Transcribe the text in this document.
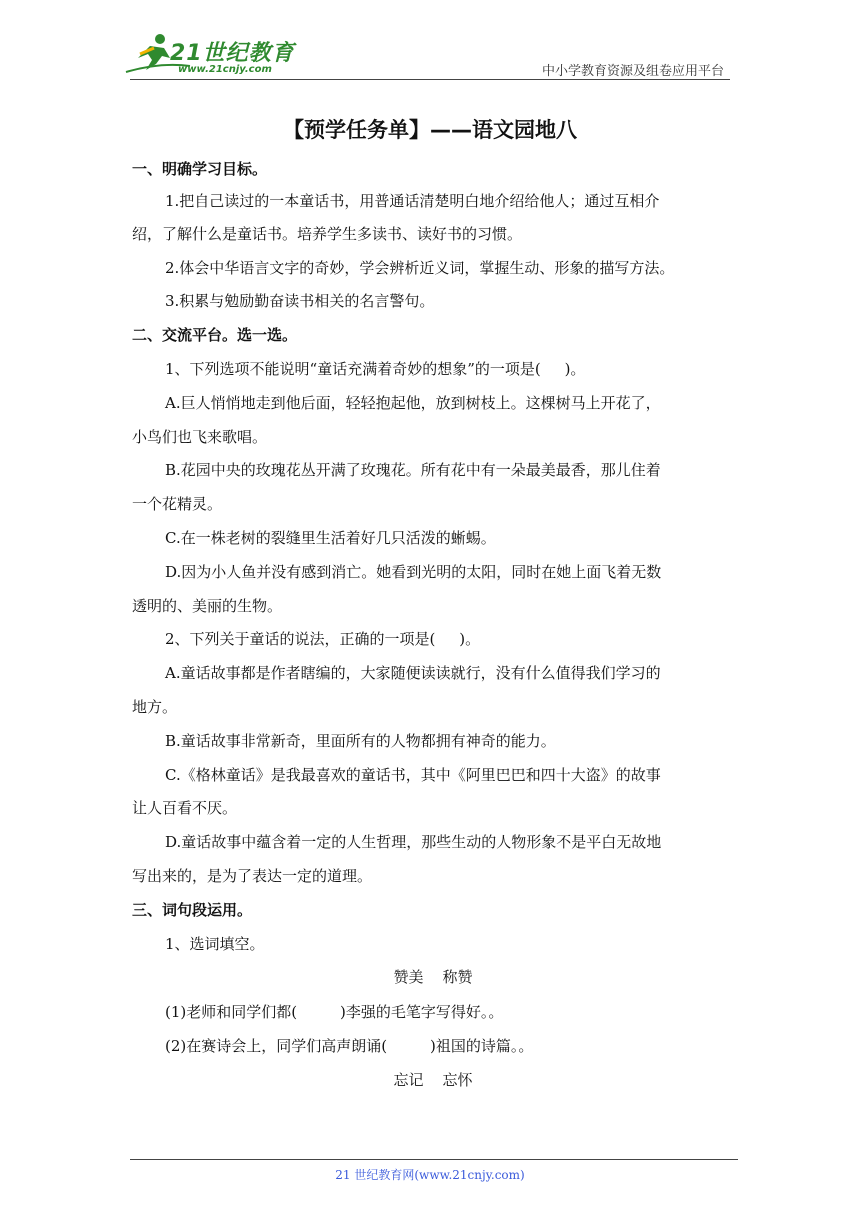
21世纪教育
www.21cnjy.com	中小学教育资源及组卷应用平台
【预学任务单】——语文园地八
一、明确学习目标。
1.把自己读过的一本童话书，用普通话清楚明白地介绍给他人；通过互相介
绍，了解什么是童话书。培养学生多读书、读好书的习惯。
2.体会中华语言文字的奇妙，学会辨析近义词，掌握生动、形象的描写方法。
3.积累与勉励勤奋读书相关的名言警句。
二、交流平台。选一选。
1、下列选项不能说明“童话充满着奇妙的想象”的一项是(     )。
A.巨人悄悄地走到他后面，轻轻抱起他，放到树枝上。这棵树马上开花了，
小鸟们也飞来歌唱。
B.花园中央的玫瑰花丛开满了玫瑰花。所有花中有一朵最美最香，那儿住着
一个花精灵。
C.在一株老树的裂缝里生活着好几只活泼的蜥蜴。
D.因为小人鱼并没有感到消亡。她看到光明的太阳，同时在她上面飞着无数
透明的、美丽的生物。
2、下列关于童话的说法，正确的一项是(     )。
A.童话故事都是作者瞎编的，大家随便读读就行，没有什么值得我们学习的
地方。
B.童话故事非常新奇，里面所有的人物都拥有神奇的能力。
C.《格林童话》是我最喜欢的童话书，其中《阿里巴巴和四十大盗》的故事
让人百看不厌。
D.童话故事中蕴含着一定的人生哲理，那些生动的人物形象不是平白无故地
写出来的，是为了表达一定的道理。
三、词句段运用。
1、选词填空。
赞美    称赞
(1)老师和同学们都(         )李强的毛笔字写得好。。
(2)在赛诗会上，同学们高声朗诵(         )祖国的诗篇。。
忘记    忘怀
21 世纪教育网(www.21cnjy.com)
